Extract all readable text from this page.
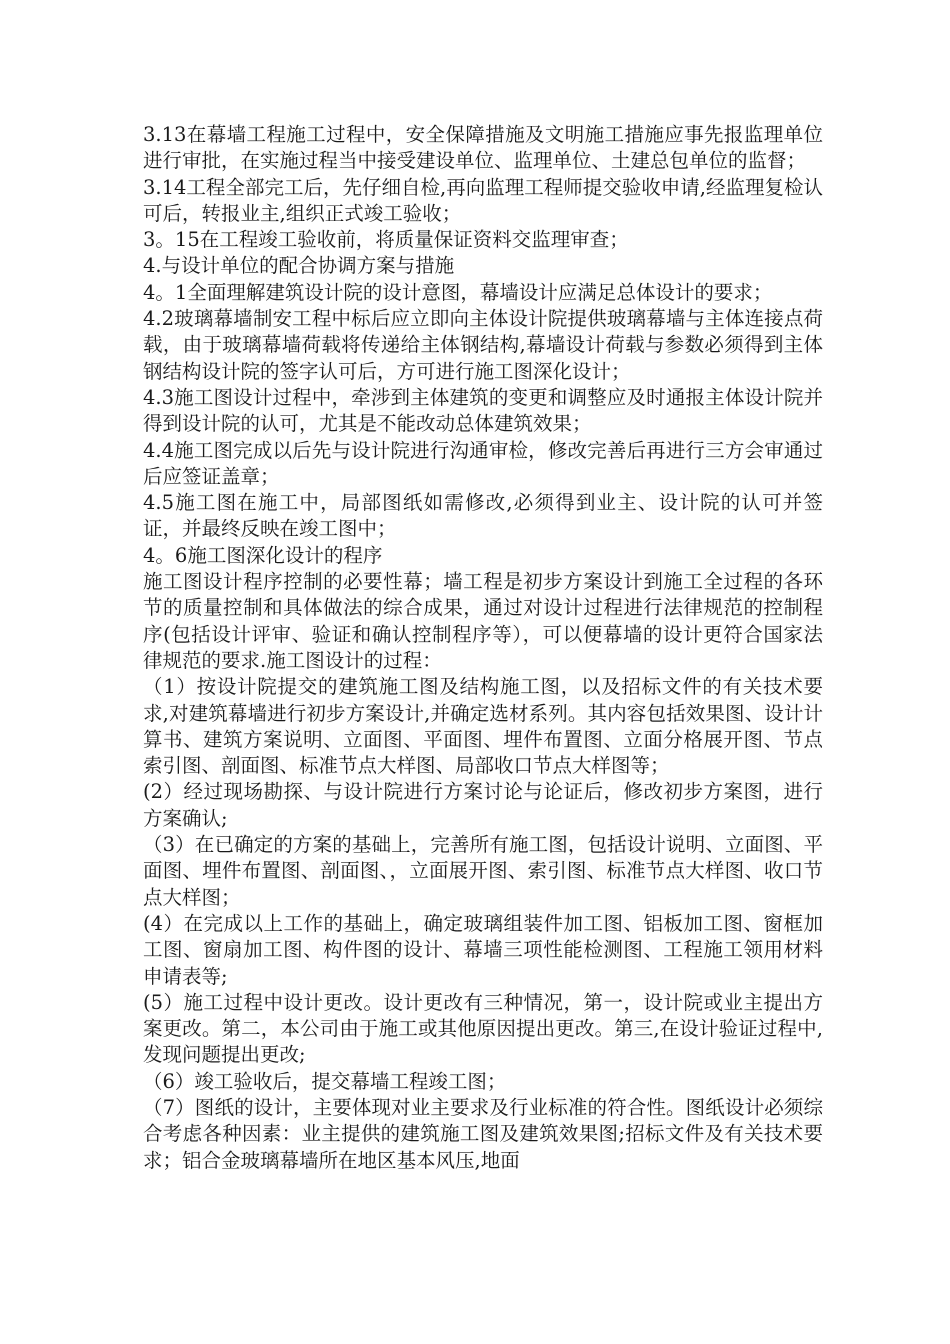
3.13在幕墙工程施工过程中，安全保障措施及文明施工措施应事先报监理单位进行审批，在实施过程当中接受建设单位、监理单位、土建总包单位的监督；

3.14工程全部完工后，先仔细自检,再向监理工程师提交验收申请,经监理复检认可后，转报业主,组织正式竣工验收；

3。15在工程竣工验收前，将质量保证资料交监理审查；

4.与设计单位的配合协调方案与措施

4。1全面理解建筑设计院的设计意图，幕墙设计应满足总体设计的要求；

4.2玻璃幕墙制安工程中标后应立即向主体设计院提供玻璃幕墙与主体连接点荷载，由于玻璃幕墙荷载将传递给主体钢结构,幕墙设计荷载与参数必须得到主体钢结构设计院的签字认可后，方可进行施工图深化设计；

4.3施工图设计过程中，牵涉到主体建筑的变更和调整应及时通报主体设计院并得到设计院的认可，尤其是不能改动总体建筑效果；

4.4施工图完成以后先与设计院进行沟通审检，修改完善后再进行三方会审通过后应签证盖章；

4.5施工图在施工中，局部图纸如需修改,必须得到业主、设计院的认可并签证，并最终反映在竣工图中；

4。6施工图深化设计的程序

施工图设计程序控制的必要性幕；墙工程是初步方案设计到施工全过程的各环节的质量控制和具体做法的综合成果，通过对设计过程进行法律规范的控制程序(包括设计评审、验证和确认控制程序等），可以便幕墙的设计更符合国家法律规范的要求.施工图设计的过程：

（1）按设计院提交的建筑施工图及结构施工图，以及招标文件的有关技术要求,对建筑幕墙进行初步方案设计,并确定选材系列。其内容包括效果图、设计计算书、建筑方案说明、立面图、平面图、埋件布置图、立面分格展开图、节点索引图、剖面图、标准节点大样图、局部收口节点大样图等；

(2）经过现场勘探、与设计院进行方案讨论与论证后，修改初步方案图，进行方案确认;

（3）在已确定的方案的基础上，完善所有施工图，包括设计说明、立面图、平面图、埋件布置图、剖面图、，立面展开图、索引图、标准节点大样图、收口节点大样图；

(4）在完成以上工作的基础上，确定玻璃组装件加工图、铝板加工图、窗框加工图、窗扇加工图、构件图的设计、幕墙三项性能检测图、工程施工领用材料申请表等;

(5）施工过程中设计更改。设计更改有三种情况，第一，设计院或业主提出方案更改。第二，本公司由于施工或其他原因提出更改。第三,在设计验证过程中,发现问题提出更改;

（6）竣工验收后，提交幕墙工程竣工图；

（7）图纸的设计，主要体现对业主要求及行业标准的符合性。图纸设计必须综合考虑各种因素：业主提供的建筑施工图及建筑效果图;招标文件及有关技术要求；铝合金玻璃幕墙所在地区基本风压,地面
